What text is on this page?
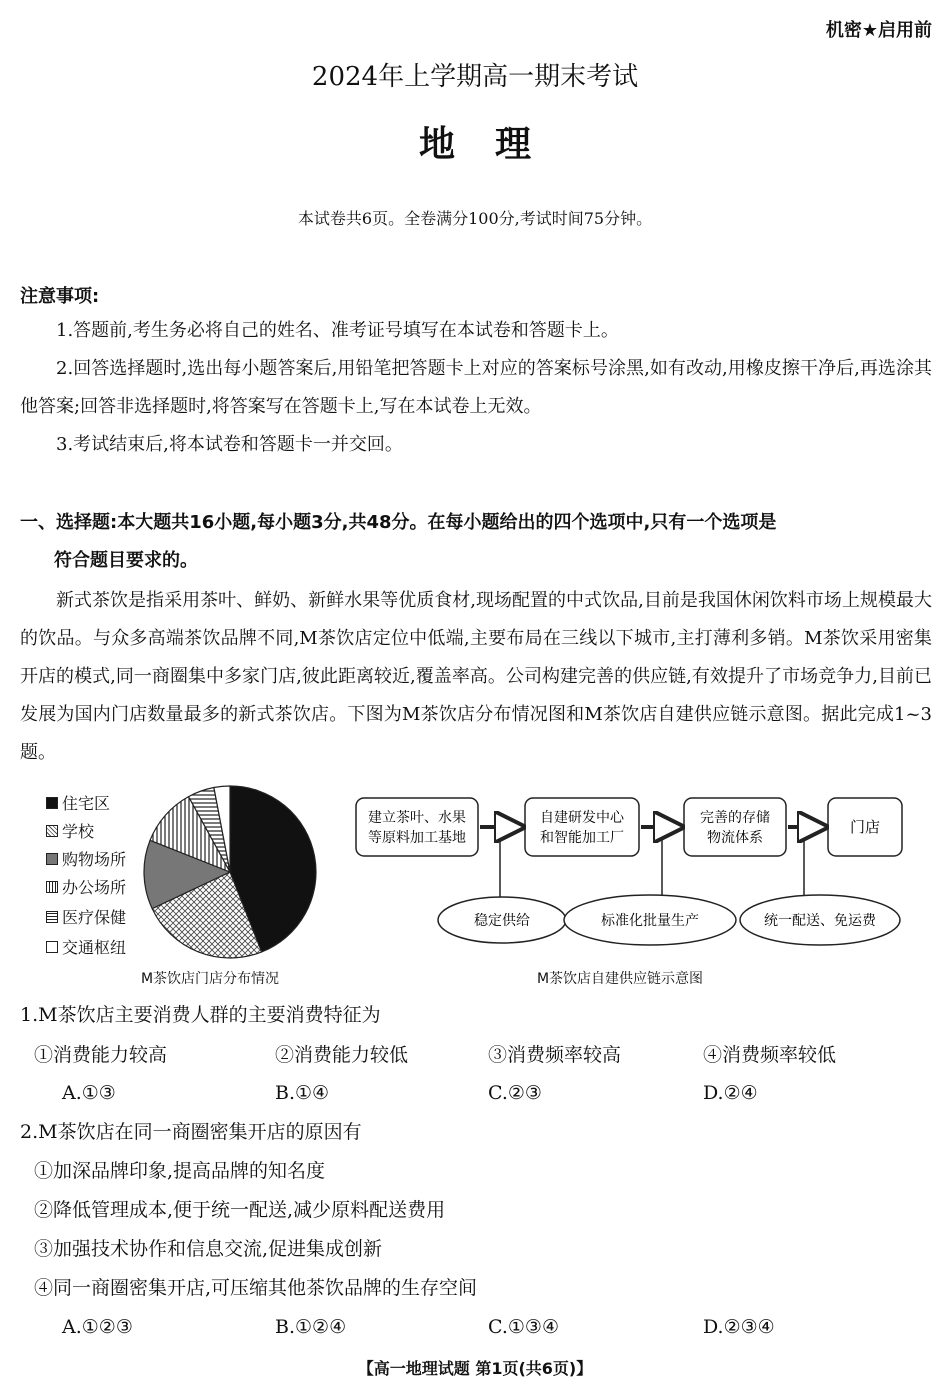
机密★启用前
2024年上学期高一期末考试
地理
本试卷共6页。全卷满分100分,考试时间75分钟。
注意事项:
1.答题前,考生务必将自己的姓名、准考证号填写在本试卷和答题卡上。
2.回答选择题时,选出每小题答案后,用铅笔把答题卡上对应的答案标号涂黑,如有改动,用橡皮擦干净后,再选涂其他答案;回答非选择题时,将答案写在答题卡上,写在本试卷上无效。
3.考试结束后,将本试卷和答题卡一并交回。
一、选择题:本大题共16小题,每小题3分,共48分。在每小题给出的四个选项中,只有一个选项是
符合题目要求的。
新式茶饮是指采用茶叶、鲜奶、新鲜水果等优质食材,现场配置的中式饮品,目前是我国休闲饮料市场上规模最大的饮品。与众多高端茶饮品牌不同,M茶饮店定位中低端,主要布局在三线以下城市,主打薄利多销。M茶饮采用密集开店的模式,同一商圈集中多家门店,彼此距离较近,覆盖率高。公司构建完善的供应链,有效提升了市场竞争力,目前已发展为国内门店数量最多的新式茶饮店。下图为M茶饮店分布情况图和M茶饮店自建供应链示意图。据此完成1~3题。
住宅区
学校
购物场所
办公场所
医疗保健
交通枢纽
M茶饮店门店分布情况
建立茶叶、水果
等原料加工基地
自建研发中心
和智能加工厂
完善的存储
物流体系
门店
稳定供给	标准化批量生产	统一配送、免运费
M茶饮店自建供应链示意图
1.M茶饮店主要消费人群的主要消费特征为
①消费能力较高	②消费能力较低	③消费频率较高	④消费频率较低
A.①③	B.①④	C.②③	D.②④
2.M茶饮店在同一商圈密集开店的原因有
①加深品牌印象,提高品牌的知名度
②降低管理成本,便于统一配送,减少原料配送费用
③加强技术协作和信息交流,促进集成创新
④同一商圈密集开店,可压缩其他茶饮品牌的生存空间
A.①②③	B.①②④	C.①③④	D.②③④
【高一地理试题 第1页(共6页)】
